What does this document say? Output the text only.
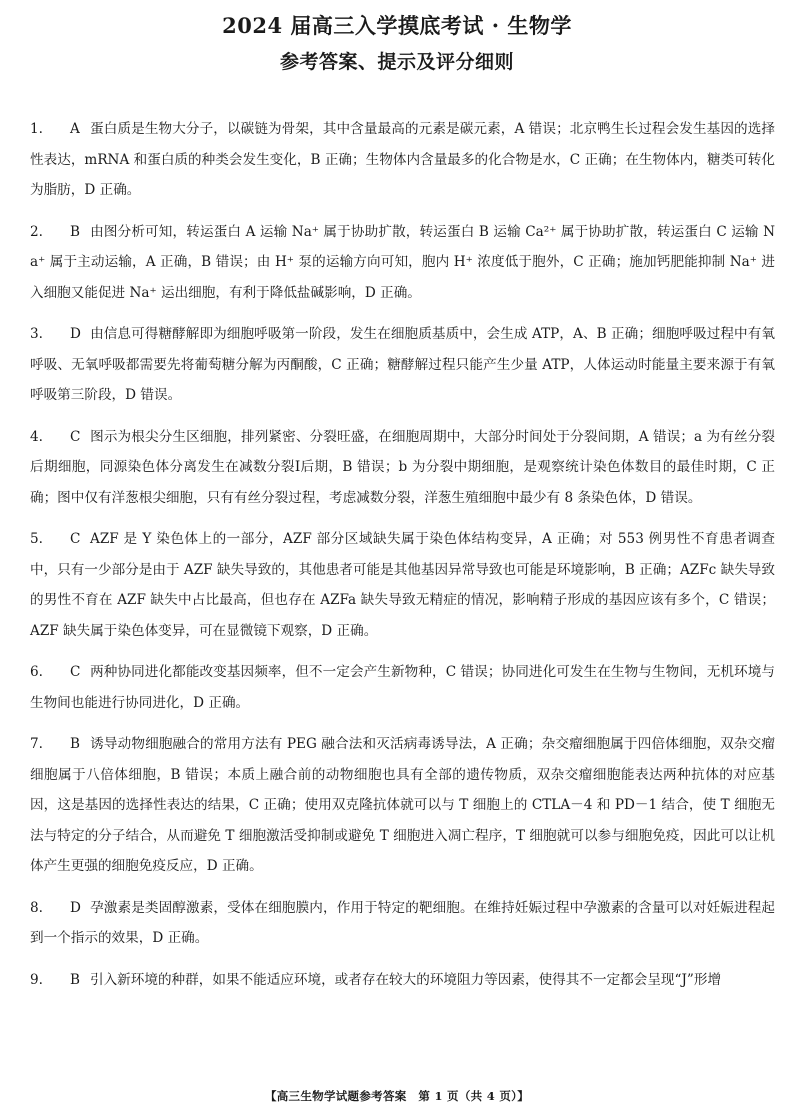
2024 届高三入学摸底考试 · 生物学
参考答案、提示及评分细则
1. A 蛋白质是生物大分子，以碳链为骨架，其中含量最高的元素是碳元素，A 错误；北京鸭生长过程会发生基因的选择性表达，mRNA 和蛋白质的种类会发生变化，B 正确；生物体内含量最多的化合物是水，C 正确；在生物体内，糖类可转化为脂肪，D 正确。
2. B 由图分析可知，转运蛋白 A 运输 Na⁺ 属于协助扩散，转运蛋白 B 运输 Ca²⁺ 属于协助扩散，转运蛋白 C 运输 Na⁺ 属于主动运输，A 正确，B 错误；由 H⁺ 泵的运输方向可知，胞内 H⁺ 浓度低于胞外，C 正确；施加钙肥能抑制 Na⁺ 进入细胞又能促进 Na⁺ 运出细胞，有利于降低盐碱影响，D 正确。
3. D 由信息可得糖酵解即为细胞呼吸第一阶段，发生在细胞质基质中，会生成 ATP，A、B 正确；细胞呼吸过程中有氧呼吸、无氧呼吸都需要先将葡萄糖分解为丙酮酸，C 正确；糖酵解过程只能产生少量 ATP，人体运动时能量主要来源于有氧呼吸第三阶段，D 错误。
4. C 图示为根尖分生区细胞，排列紧密、分裂旺盛，在细胞周期中，大部分时间处于分裂间期，A 错误；a 为有丝分裂后期细胞，同源染色体分离发生在减数分裂Ⅰ后期，B 错误；b 为分裂中期细胞，是观察统计染色体数目的最佳时期，C 正确；图中仅有洋葱根尖细胞，只有有丝分裂过程，考虑减数分裂，洋葱生殖细胞中最少有 8 条染色体，D 错误。
5. C AZF 是 Y 染色体上的一部分，AZF 部分区域缺失属于染色体结构变异，A 正确；对 553 例男性不育患者调查中，只有一少部分是由于 AZF 缺失导致的，其他患者可能是其他基因异常导致也可能是环境影响，B 正确；AZFc 缺失导致的男性不育在 AZF 缺失中占比最高，但也存在 AZFa 缺失导致无精症的情况，影响精子形成的基因应该有多个，C 错误；AZF 缺失属于染色体变异，可在显微镜下观察，D 正确。
6. C 两种协同进化都能改变基因频率，但不一定会产生新物种，C 错误；协同进化可发生在生物与生物间，无机环境与生物间也能进行协同进化，D 正确。
7. B 诱导动物细胞融合的常用方法有 PEG 融合法和灭活病毒诱导法，A 正确；杂交瘤细胞属于四倍体细胞，双杂交瘤细胞属于八倍体细胞，B 错误；本质上融合前的动物细胞也具有全部的遗传物质，双杂交瘤细胞能表达两种抗体的对应基因，这是基因的选择性表达的结果，C 正确；使用双克隆抗体就可以与 T 细胞上的 CTLA－4 和 PD－1 结合，使 T 细胞无法与特定的分子结合，从而避免 T 细胞激活受抑制或避免 T 细胞进入凋亡程序，T 细胞就可以参与细胞免疫，因此可以让机体产生更强的细胞免疫反应，D 正确。
8. D 孕激素是类固醇激素，受体在细胞膜内，作用于特定的靶细胞。在维持妊娠过程中孕激素的含量可以对妊娠进程起到一个指示的效果，D 正确。
9. B 引入新环境的种群，如果不能适应环境，或者存在较大的环境阻力等因素，使得其不一定都会呈现“J”形增
【高三生物学试题参考答案　第 1 页（共 4 页）】
